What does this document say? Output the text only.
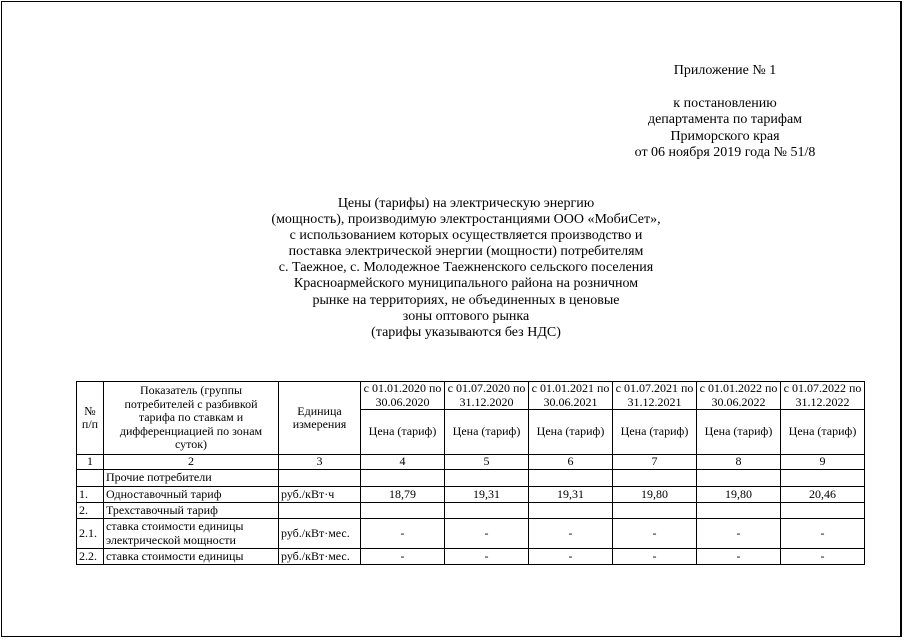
Приложение № 1
к постановлению
департамента по тарифам
Приморского края
от 06 ноября 2019 года № 51/8
Цены (тарифы) на электрическую энергию
(мощность), производимую электростанциями ООО «МобиСет»,
с использованием которых осуществляется производство и
поставка электрической энергии (мощности) потребителям
с. Таежное, с. Молодежное Таежненского сельского поселения
Красноармейского муниципального района на розничном
рынке на территориях, не объединенных в ценовые
зоны оптового рынка
(тарифы указываются без НДС)
№ п/п	Показатель (группы потребителей с разбивкой тарифа по ставкам и дифференциацией по зонам суток)	Единица измерения	с 01.01.2020 по 30.06.2020	с 01.07.2020 по 31.12.2020	с 01.01.2021 по 30.06.2021	с 01.07.2021 по 31.12.2021	с 01.01.2022 по 30.06.2022	с 01.07.2022 по 31.12.2022
			Цена (тариф)	Цена (тариф)	Цена (тариф)	Цена (тариф)	Цена (тариф)	Цена (тариф)
1	2	3	4	5	6	7	8	9
	Прочие потребители							
1.	Одноставочный тариф	руб./кВт·ч	18,79	19,31	19,31	19,80	19,80	20,46
2.	Трехставочный тариф							
2.1.	ставка стоимости единицы электрической мощности	руб./кВт·мес.	-	-	-	-	-	-
2.2.	ставка стоимости единицы	руб./кВт·мес.	-	-	-	-	-	-
